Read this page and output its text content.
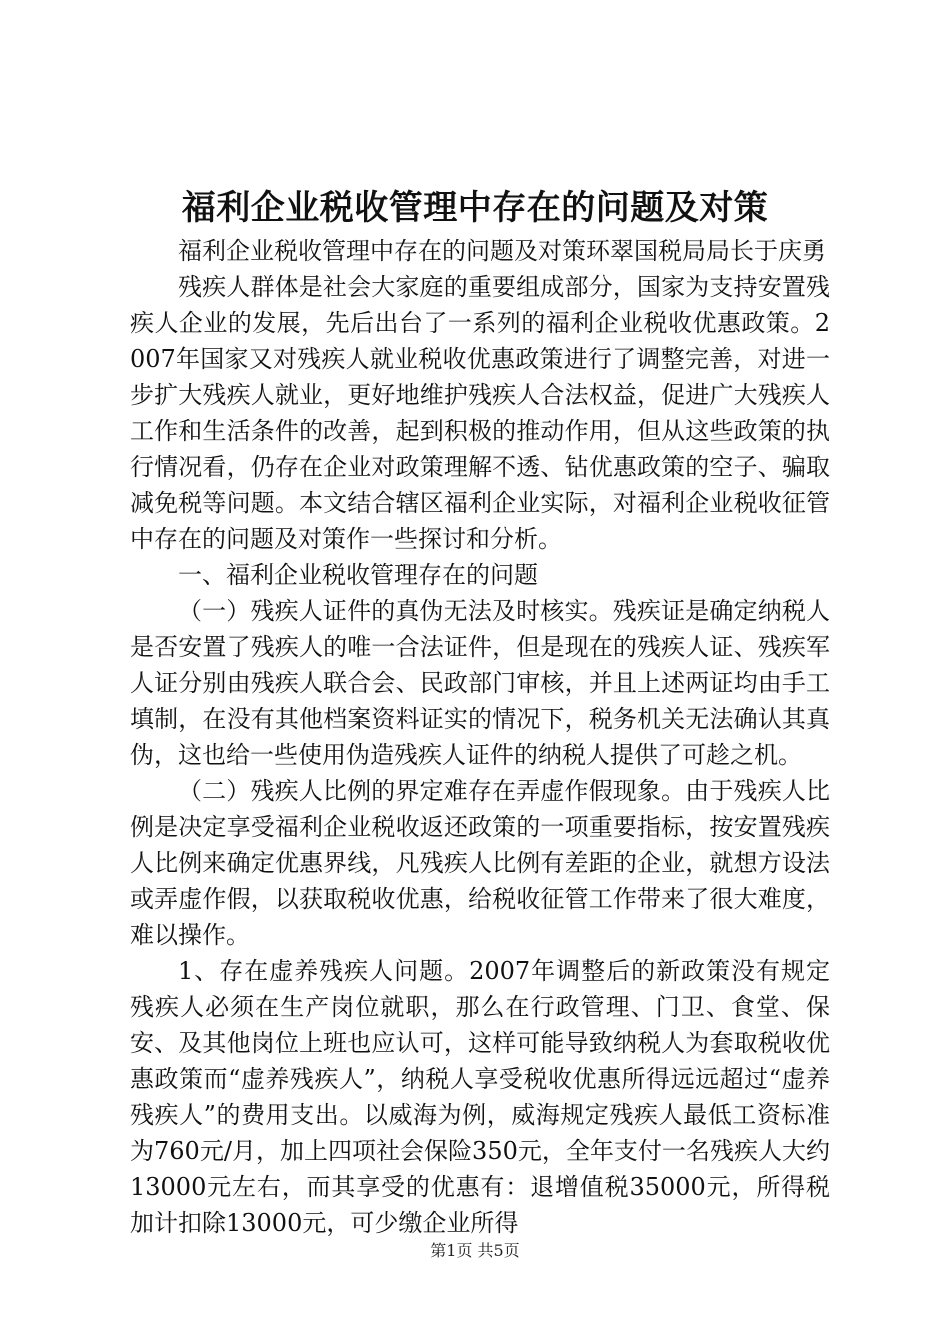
福利企业税收管理中存在的问题及对策

福利企业税收管理中存在的问题及对策环翠国税局局长于庆勇

残疾人群体是社会大家庭的重要组成部分，国家为支持安置残疾人企业的发展，先后出台了一系列的福利企业税收优惠政策。2007年国家又对残疾人就业税收优惠政策进行了调整完善，对进一步扩大残疾人就业，更好地维护残疾人合法权益，促进广大残疾人工作和生活条件的改善，起到积极的推动作用，但从这些政策的执行情况看，仍存在企业对政策理解不透、钻优惠政策的空子、骗取减免税等问题。本文结合辖区福利企业实际，对福利企业税收征管中存在的问题及对策作一些探讨和分析。

一、福利企业税收管理存在的问题

（一）残疾人证件的真伪无法及时核实。残疾证是确定纳税人是否安置了残疾人的唯一合法证件，但是现在的残疾人证、残疾军人证分别由残疾人联合会、民政部门审核，并且上述两证均由手工填制，在没有其他档案资料证实的情况下，税务机关无法确认其真伪，这也给一些使用伪造残疾人证件的纳税人提供了可趁之机。

（二）残疾人比例的界定难存在弄虚作假现象。由于残疾人比例是决定享受福利企业税收返还政策的一项重要指标，按安置残疾人比例来确定优惠界线，凡残疾人比例有差距的企业，就想方设法或弄虚作假，以获取税收优惠，给税收征管工作带来了很大难度，难以操作。

1、存在虚养残疾人问题。2007年调整后的新政策没有规定残疾人必须在生产岗位就职，那么在行政管理、门卫、食堂、保安、及其他岗位上班也应认可，这样可能导致纳税人为套取税收优惠政策而“虚养残疾人”，纳税人享受税收优惠所得远远超过“虚养残疾人”的费用支出。以威海为例，威海规定残疾人最低工资标准为760元/月，加上四项社会保险350元，全年支付一名残疾人大约13000元左右，而其享受的优惠有：退增值税35000元，所得税加计扣除13000元，可少缴企业所得

第1页 共5页
